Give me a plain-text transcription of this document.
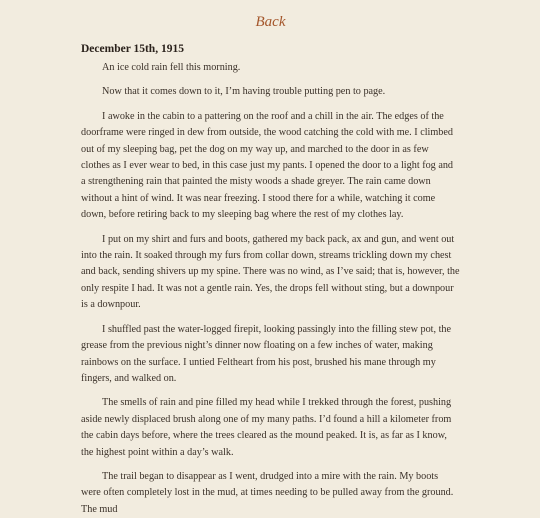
Back
December 15th, 1915

An ice cold rain fell this morning.

Now that it comes down to it, I’m having trouble putting pen to page.

I awoke in the cabin to a pattering on the roof and a chill in the air. The edges of the doorframe were ringed in dew from outside, the wood catching the cold with me. I climbed out of my sleeping bag, pet the dog on my way up, and marched to the door in as few clothes as I ever wear to bed, in this case just my pants. I opened the door to a light fog and a strengthening rain that painted the misty woods a shade greyer. The rain came down without a hint of wind. It was near freezing. I stood there for a while, watching it come down, before retiring back to my sleeping bag where the rest of my clothes lay.

I put on my shirt and furs and boots, gathered my back pack, ax and gun, and went out into the rain. It soaked through my furs from collar down, streams trickling down my chest and back, sending shivers up my spine. There was no wind, as I’ve said; that is, however, the only respite I had. It was not a gentle rain. Yes, the drops fell without sting, but a downpour is a downpour.

I shuffled past the water-logged firepit, looking passingly into the filling stew pot, the grease from the previous night’s dinner now floating on a few inches of water, making rainbows on the surface. I untied Feltheart from his post, brushed his mane through my fingers, and walked on.

The smells of rain and pine filled my head while I trekked through the forest, pushing aside newly displaced brush along one of my many paths. I’d found a hill a kilometer from the cabin days before, where the trees cleared as the mound peaked. It is, as far as I know, the highest point within a day’s walk.

The trail began to disappear as I went, drudged into a mire with the rain. My boots were often completely lost in the mud, at times needing to be pulled away from the ground. The mud
